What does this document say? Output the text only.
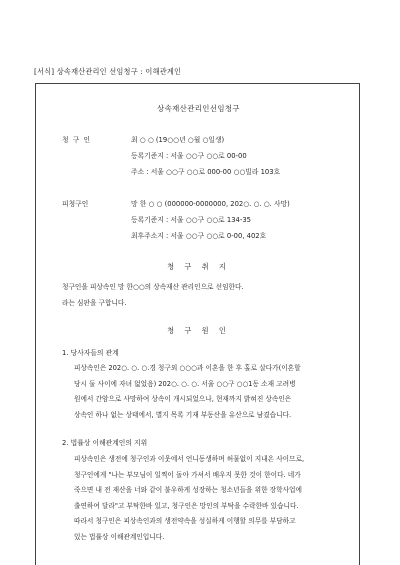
[서식] 상속재산관리인 선임청구 : 이해관계인
상속재산관리인선임청구
청 구 인	최 ○ ○ (19○○년 ○월 ○일생)
등록기준지 : 서울 ○○구 ○○로 00-00
주소 : 서울 ○○구 ○○로 000-00 ○○빌라 103호
피청구인	망 한 ○ ○ (000000-0000000, 202○. ○. ○. 사망)
등록기준지 : 서울 ○○구 ○○로 134-35
최후주소지 : 서울 ○○구 ○○로 0-00, 402호
청 구 취 지
청구인을 피상속인 망 한○○의 상속재산 관리인으로 선임한다.
라는 심판을 구합니다.
청 구 원 인
1. 당사자들의 관계
피상속인은 202○. ○. ○.경 청구외 ○○○과 이혼을 한 후 홀로 살다가(이혼할
당시 둘 사이에 자녀 없었음) 202○. ○. ○. 서울 ○○구 ○○1동 소재 고려병
원에서 간암으로 사망하여 상속이 개시되었으나, 현재까지 밝혀진 상속인은
상속인 하나 없는 상태에서, 별지 목록 기재 부동산을 유산으로 남겼습니다.
2. 법률상 이해관계인의 지위
피상속인은 생전에 청구인과 이웃에서 언니동생하며 허물없이 지내온 사이므로,
청구인에게 "나는 부모님이 일찍이 돌아 가셔서 배우지 못한 것이 한이다. 네가
죽으면 내 전 재산을 너와 같이 불우하게 성장하는 청소년들을 위한 장학사업에
출연하여 달라"고 부탁한바 있고, 청구인은 망인의 부탁을 수락한바 있습니다.
따라서 청구인은 피상속인과의 생전약속을 성실하게 이행할 의무를 부담하고
있는 법률상 이해관계인입니다.
